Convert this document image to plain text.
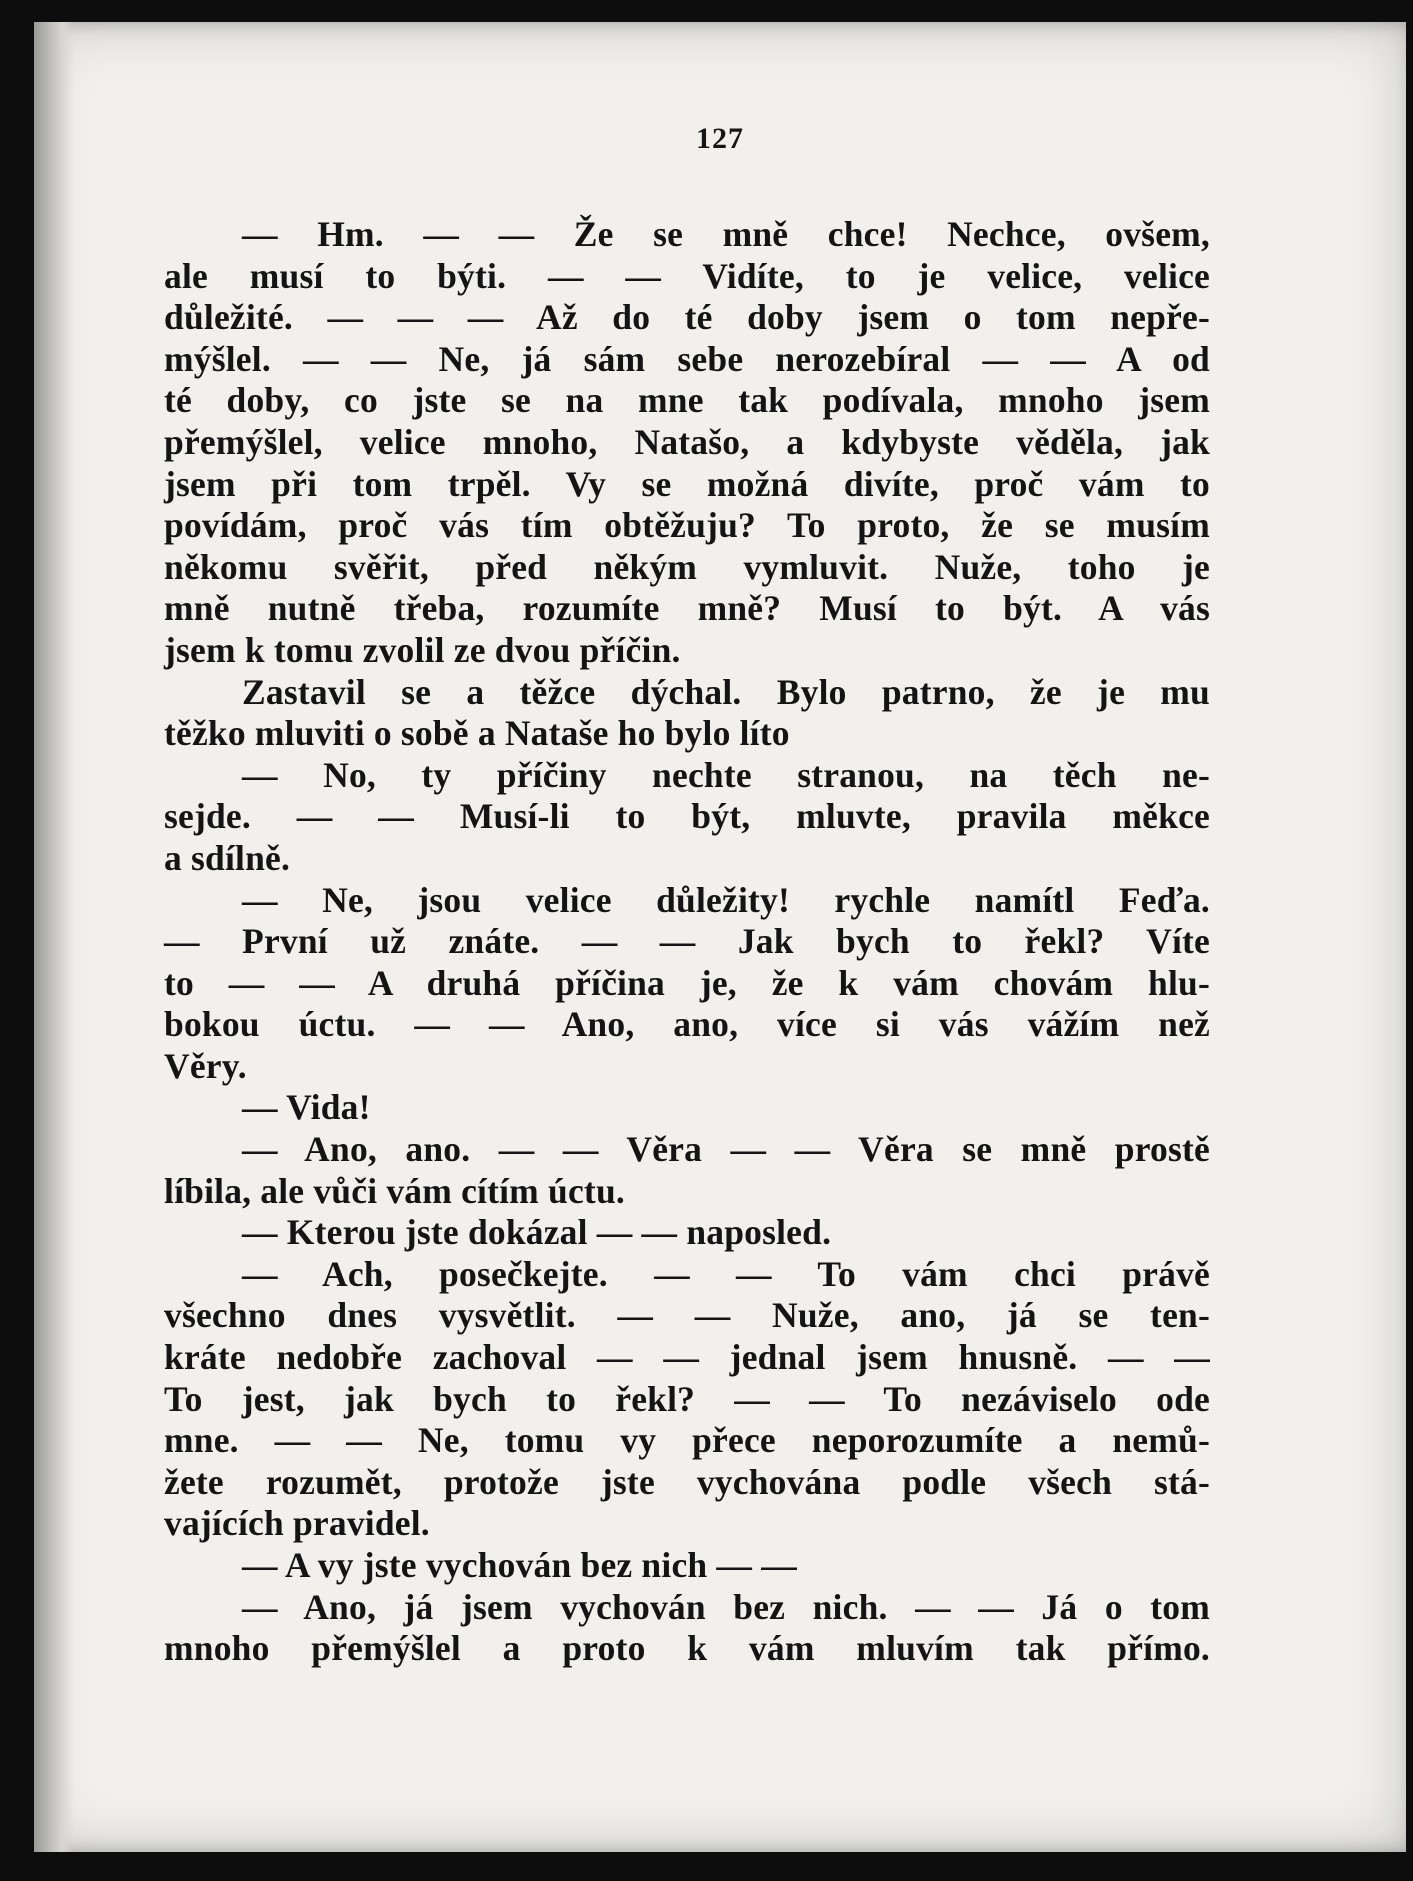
127
— Hm. — — Že se mně chce! Nechce, ovšem,
ale musí to býti. — — Vidíte, to je velice, velice
důležité. — — — Až do té doby jsem o tom nepře-
mýšlel. — — Ne, já sám sebe nerozebíral — — A od
té doby, co jste se na mne tak podívala, mnoho jsem
přemýšlel, velice mnoho, Natašo, a kdybyste věděla, jak
jsem při tom trpěl. Vy se možná divíte, proč vám to
povídám, proč vás tím obtěžuju? To proto, že se musím
někomu svěřit, před někým vymluvit. Nuže, toho je
mně nutně třeba, rozumíte mně? Musí to být. A vás
jsem k tomu zvolil ze dvou příčin.
Zastavil se a těžce dýchal. Bylo patrno, že je mu
těžko mluviti o sobě a Nataše ho bylo líto
— No, ty příčiny nechte stranou, na těch ne-
sejde. — — Musí-li to být, mluvte, pravila měkce
a sdílně.
— Ne, jsou velice důležity! rychle namítl Feďa.
— První už znáte. — — Jak bych to řekl? Víte
to — — A druhá příčina je, že k vám chovám hlu-
bokou úctu. — — Ano, ano, více si vás vážím než
Věry.
— Vida!
— Ano, ano. — — Věra — — Věra se mně prostě
líbila, ale vůči vám cítím úctu.
— Kterou jste dokázal — — naposled.
— Ach, posečkejte. — — To vám chci právě
všechno dnes vysvětlit. — — Nuže, ano, já se ten-
kráte nedobře zachoval — — jednal jsem hnusně. — —
To jest, jak bych to řekl? — — To nezáviselo ode
mne. — — Ne, tomu vy přece neporozumíte a nemů-
žete rozumět, protože jste vychována podle všech stá-
vajících pravidel.
— A vy jste vychován bez nich — —
— Ano, já jsem vychován bez nich. — — Já o tom
mnoho přemýšlel a proto k vám mluvím tak přímo.
